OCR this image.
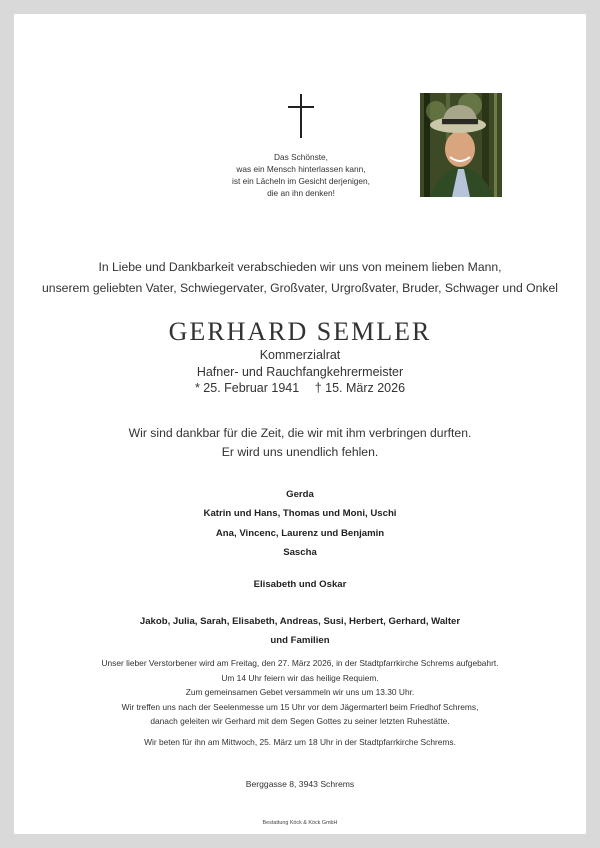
Das Schönste,
was ein Mensch hinterlassen kann,
ist ein Lächeln im Gesicht derjenigen,
die an ihn denken!
In Liebe und Dankbarkeit verabschieden wir uns von meinem lieben Mann,
unserem geliebten Vater, Schwiegervater, Großvater, Urgroßvater, Bruder, Schwager und Onkel
GERHARD SEMLER
Kommerzialrat
Hafner- und Rauchfangkehrermeister
* 25. Februar 1941 † 15. März 2026
Wir sind dankbar für die Zeit, die wir mit ihm verbringen durften.
Er wird uns unendlich fehlen.
Gerda
Katrin und Hans, Thomas und Moni, Uschi
Ana, Vincenc, Laurenz und Benjamin
Sascha
Elisabeth und Oskar
Jakob, Julia, Sarah, Elisabeth, Andreas, Susi, Herbert, Gerhard, Walter
und Familien
Unser lieber Verstorbener wird am Freitag, den 27. März 2026, in der Stadtpfarrkirche Schrems aufgebahrt.
Um 14 Uhr feiern wir das heilige Requiem.
Zum gemeinsamen Gebet versammeln wir uns um 13.30 Uhr.
Wir treffen uns nach der Seelenmesse um 15 Uhr vor dem Jägermarterl beim Friedhof Schrems,
danach geleiten wir Gerhard mit dem Segen Gottes zu seiner letzten Ruhestätte.
Wir beten für ihn am Mittwoch, 25. März um 18 Uhr in der Stadtpfarrkirche Schrems.
Berggasse 8, 3943 Schrems
Bestattung Köck & Köck GmbH
